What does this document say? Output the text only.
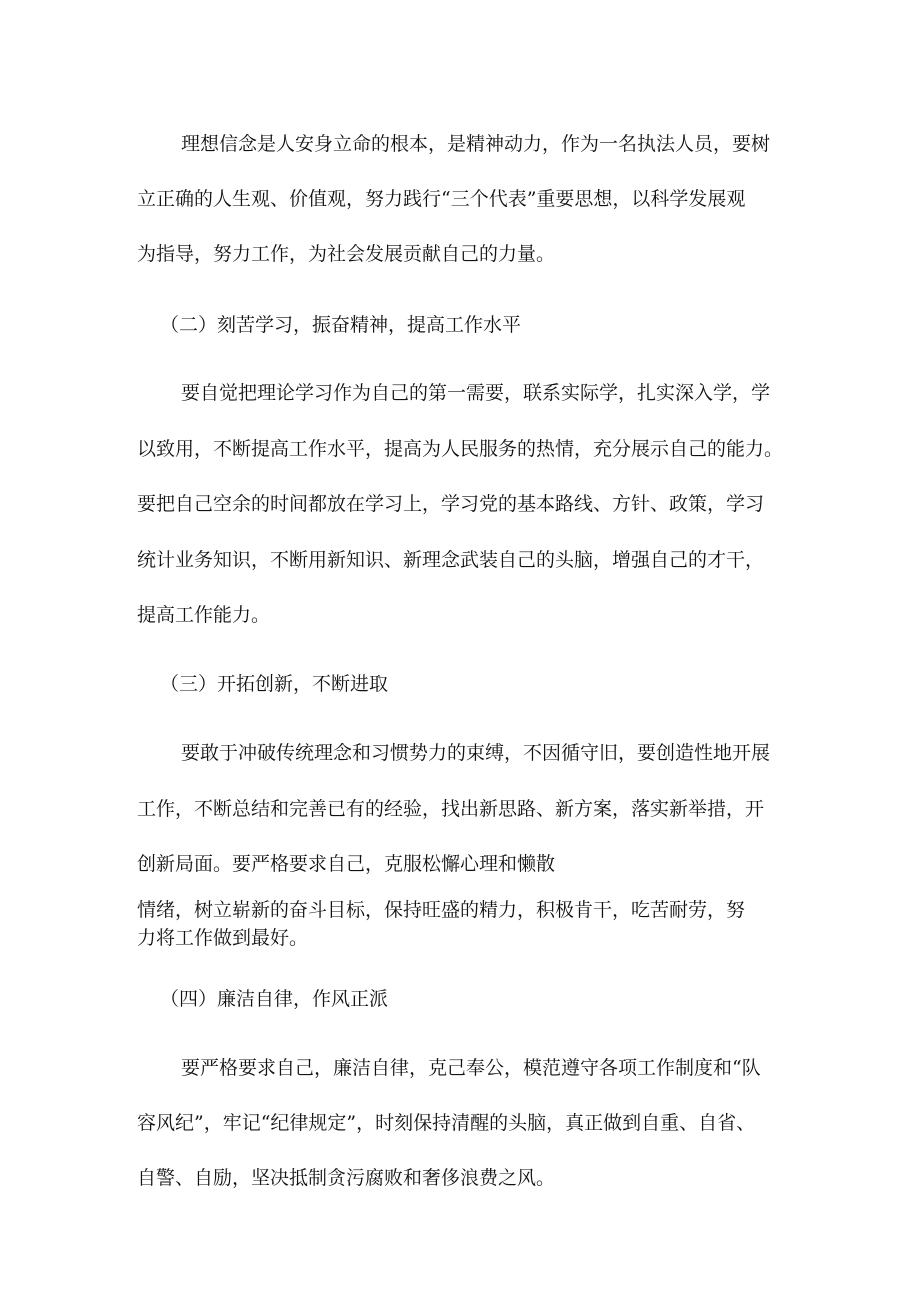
理想信念是人安身立命的根本，是精神动力，作为一名执法人员，要树
立正确的人生观、价值观，努力践行“三个代表”重要思想，以科学发展观
为指导，努力工作，为社会发展贡献自己的力量。
（二）刻苦学习，振奋精神，提高工作水平
要自觉把理论学习作为自己的第一需要，联系实际学，扎实深入学，学
以致用，不断提高工作水平，提高为人民服务的热情，充分展示自己的能力。
要把自己空余的时间都放在学习上，学习党的基本路线、方针、政策，学习
统计业务知识，不断用新知识、新理念武装自己的头脑，增强自己的才干，
提高工作能力。
（三）开拓创新，不断进取
要敢于冲破传统理念和习惯势力的束缚，不因循守旧，要创造性地开展
工作，不断总结和完善已有的经验，找出新思路、新方案，落实新举措，开
创新局面。要严格要求自己，克服松懈心理和懒散
情绪，树立崭新的奋斗目标，保持旺盛的精力，积极肯干，吃苦耐劳，努
力将工作做到最好。
（四）廉洁自律，作风正派
要严格要求自己，廉洁自律，克己奉公，模范遵守各项工作制度和“队
容风纪”，牢记“纪律规定”，时刻保持清醒的头脑，真正做到自重、自省、
自警、自励，坚决抵制贪污腐败和奢侈浪费之风。
